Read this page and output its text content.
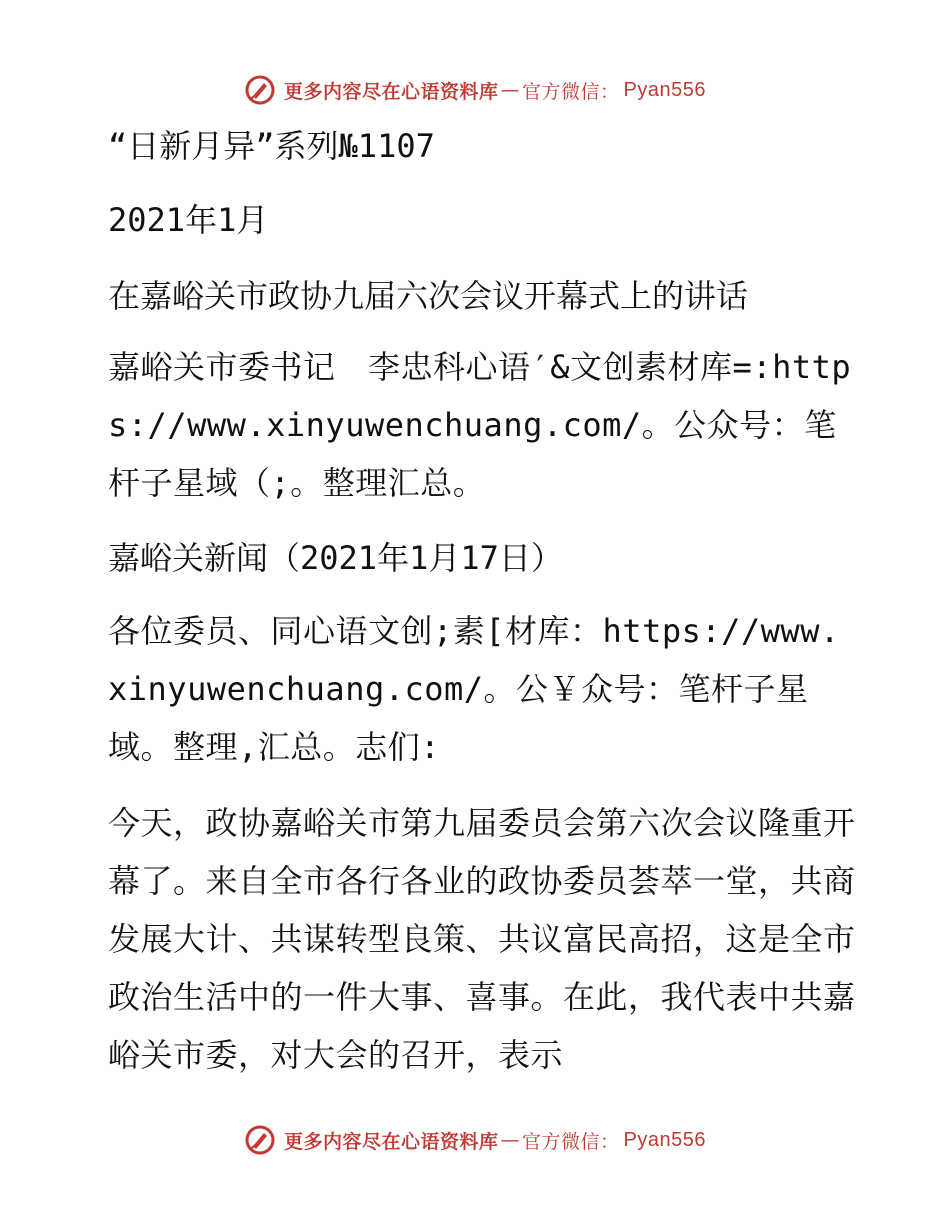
更多内容尽在心语资料库 — 官方微信： Pyan556

“日新月异”系列№1107

2021年1月

在嘉峪关市政协九届六次会议开幕式上的讲话

嘉峪关市委书记　李忠科心语′&文创素材库=:https://www.xinyuwenchuang.com/。公众号：笔杆子星域（;。整理汇总。

嘉峪关新闻（2021年1月17日）

各位委员、同心语文创;素[材库：https://www.xinyuwenchuang.com/。公￥众号：笔杆子星域。整理,汇总。志们:

今天，政协嘉峪关市第九届委员会第六次会议隆重开幕了。来自全市各行各业的政协委员荟萃一堂，共商发展大计、共谋转型良策、共议富民高招，这是全市政治生活中的一件大事、喜事。在此，我代表中共嘉峪关市委，对大会的召开，表示

更多内容尽在心语资料库 — 官方微信： Pyan556
